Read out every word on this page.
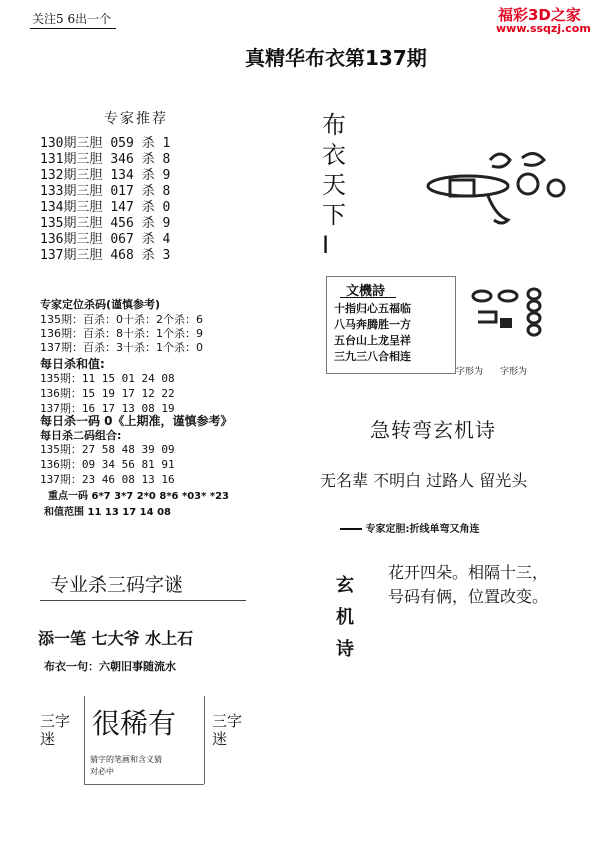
关注5 6出一个	福彩3D之家
www.ssqzj.com
真精华布衣第137期
专家推荐
130期三胆 059 杀 1
131期三胆 346 杀 8
132期三胆 134 杀 9
133期三胆 017 杀 8
134期三胆 147 杀 0
135期三胆 456 杀 9
136期三胆 067 杀 4
137期三胆 468 杀 3
专家定位杀码(谨慎参考)
135期：百杀：0十杀：2个杀：6
136期：百杀：8十杀：1个杀：9
137期：百杀：3十杀：1个杀：0
每日杀和值:
135期：11 15 01 24 08
136期：15 19 17 12 22
137期：16 17 13 08 19
每日杀一码 0《上期准，谨慎参考》
每日杀二码组合:
135期：27 58 48 39 09
136期：09 34 56 81 91
137期：23 46 08 13 16
重点一码 6*7 3*7 2*0 8*6 *03* *23
和值范围 11 13 17 14 08
专业杀三码字谜
添一笔 七大爷 水上石
布衣一句：六朝旧事随流水
很稀有
猜字的笔画和含义猜
对必中
三字迷
三字迷
布衣天下I
文機詩
十指归心五福临
八马奔腾胜一方
五台山上龙呈祥
三九三八合相连
字形为 字形为
急转弯玄机诗
无名辈 不明白 过路人 留光头
专家定胆:折线单弯又角连
玄机诗
花开四朵。相隔十三，
号码有俩，位置改变。
